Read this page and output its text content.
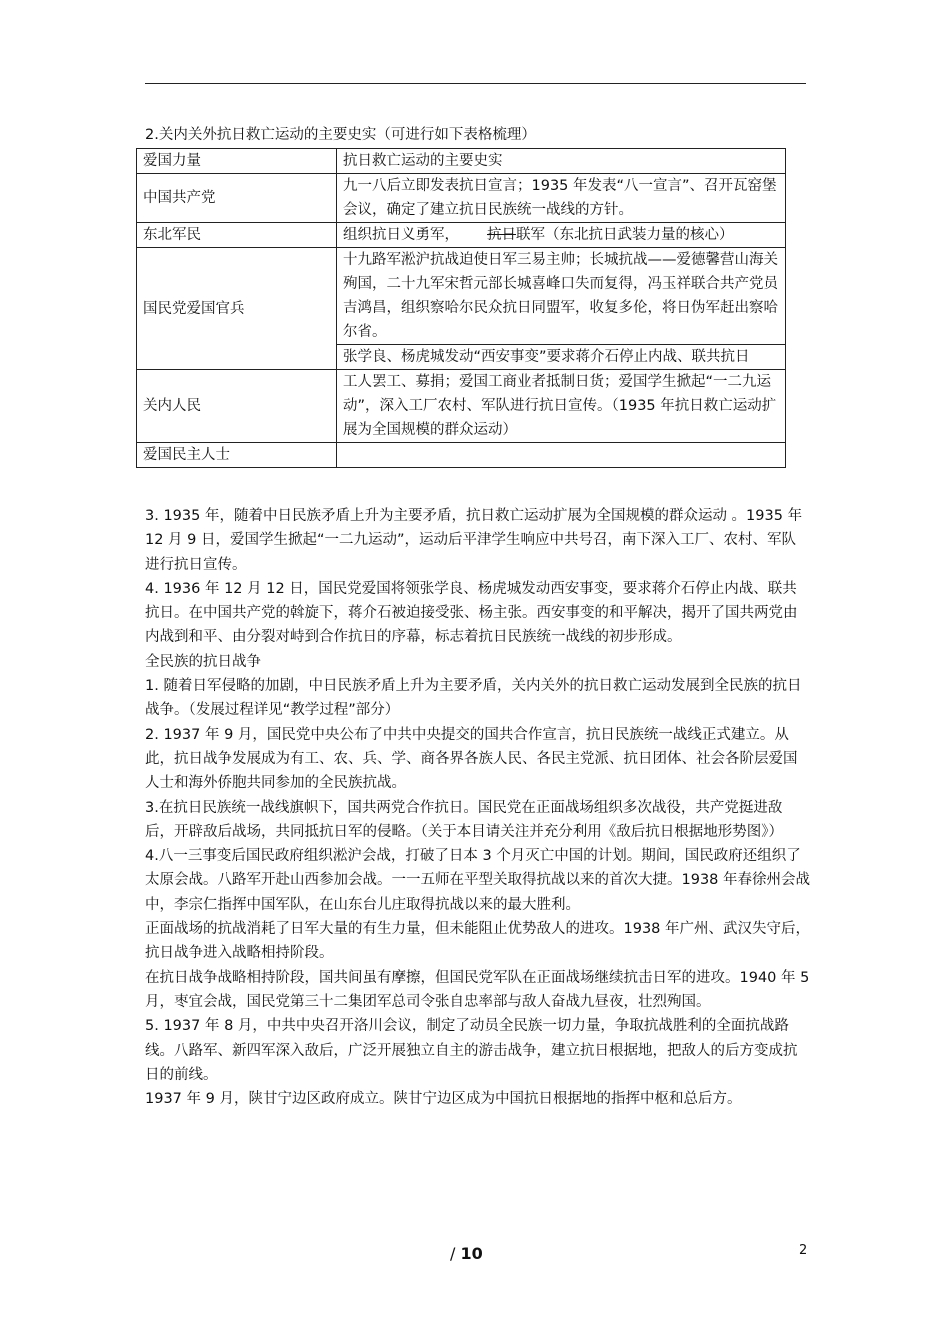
2.关内关外抗日救亡运动的主要史实（可进行如下表格梳理）
爱国力量	抗日救亡运动的主要史实
中国共产党	九一八后立即发表抗日宣言；1935 年发表“八一宣言”、召开瓦窑堡会议，确定了建立抗日民族统一战线的方针。
东北军民	组织抗日义勇军， 抗日联军（东北抗日武装力量的核心）
国民党爱国官兵	十九路军淞沪抗战迫使日军三易主帅；长城抗战——爱德馨营山海关殉国，二十九军宋哲元部长城喜峰口失而复得，冯玉祥联合共产党员吉鸿昌，组织察哈尔民众抗日同盟军，收复多伦，将日伪军赶出察哈尔省。
	张学良、杨虎城发动“西安事变”要求蒋介石停止内战、联共抗日
关内人民	工人罢工、募捐；爱国工商业者抵制日货；爱国学生掀起“一二九运动”，深入工厂农村、军队进行抗日宣传。（1935 年抗日救亡运动扩展为全国规模的群众运动）
爱国民主人士	

3. 1935 年，随着中日民族矛盾上升为主要矛盾，抗日救亡运动扩展为全国规模的群众运动 。1935 年 12 月 9 日，爱国学生掀起“一二九运动”，运动后平津学生响应中共号召，南下深入工厂、农村、军队进行抗日宣传。

4. 1936 年 12 月 12 日，国民党爱国将领张学良、杨虎城发动西安事变，要求蒋介石停止内战、联共抗日。在中国共产党的斡旋下，蒋介石被迫接受张、杨主张。西安事变的和平解决，揭开了国共两党由内战到和平、由分裂对峙到合作抗日的序幕，标志着抗日民族统一战线的初步形成。

全民族的抗日战争

1. 随着日军侵略的加剧，中日民族矛盾上升为主要矛盾，关内关外的抗日救亡运动发展到全民族的抗日战争。（发展过程详见“教学过程”部分）

2. 1937 年 9 月，国民党中央公布了中共中央提交的国共合作宣言，抗日民族统一战线正式建立。从此，抗日战争发展成为有工、农、兵、学、商各界各族人民、各民主党派、抗日团体、社会各阶层爱国人士和海外侨胞共同参加的全民族抗战。

3.在抗日民族统一战线旗帜下，国共两党合作抗日。国民党在正面战场组织多次战役，共产党挺进敌后，开辟敌后战场，共同抵抗日军的侵略。（关于本目请关注并充分利用《敌后抗日根据地形势图》）

4.八一三事变后国民政府组织淞沪会战，打破了日本 3 个月灭亡中国的计划。期间，国民政府还组织了太原会战。八路军开赴山西参加会战。一一五师在平型关取得抗战以来的首次大捷。1938 年春徐州会战中，李宗仁指挥中国军队，在山东台儿庄取得抗战以来的最大胜利。

正面战场的抗战消耗了日军大量的有生力量，但未能阻止优势敌人的进攻。1938 年广州、武汉失守后，抗日战争进入战略相持阶段。

在抗日战争战略相持阶段，国共间虽有摩擦，但国民党军队在正面战场继续抗击日军的进攻。1940 年 5 月，枣宜会战，国民党第三十二集团军总司令张自忠率部与敌人奋战九昼夜，壮烈殉国。

5. 1937 年 8 月，中共中央召开洛川会议，制定了动员全民族一切力量，争取抗战胜利的全面抗战路线。八路军、新四军深入敌后，广泛开展独立自主的游击战争，建立抗日根据地，把敌人的后方变成抗日的前线。

1937 年 9 月，陕甘宁边区政府成立。陕甘宁边区成为中国抗日根据地的指挥中枢和总后方。

/ 10	2
